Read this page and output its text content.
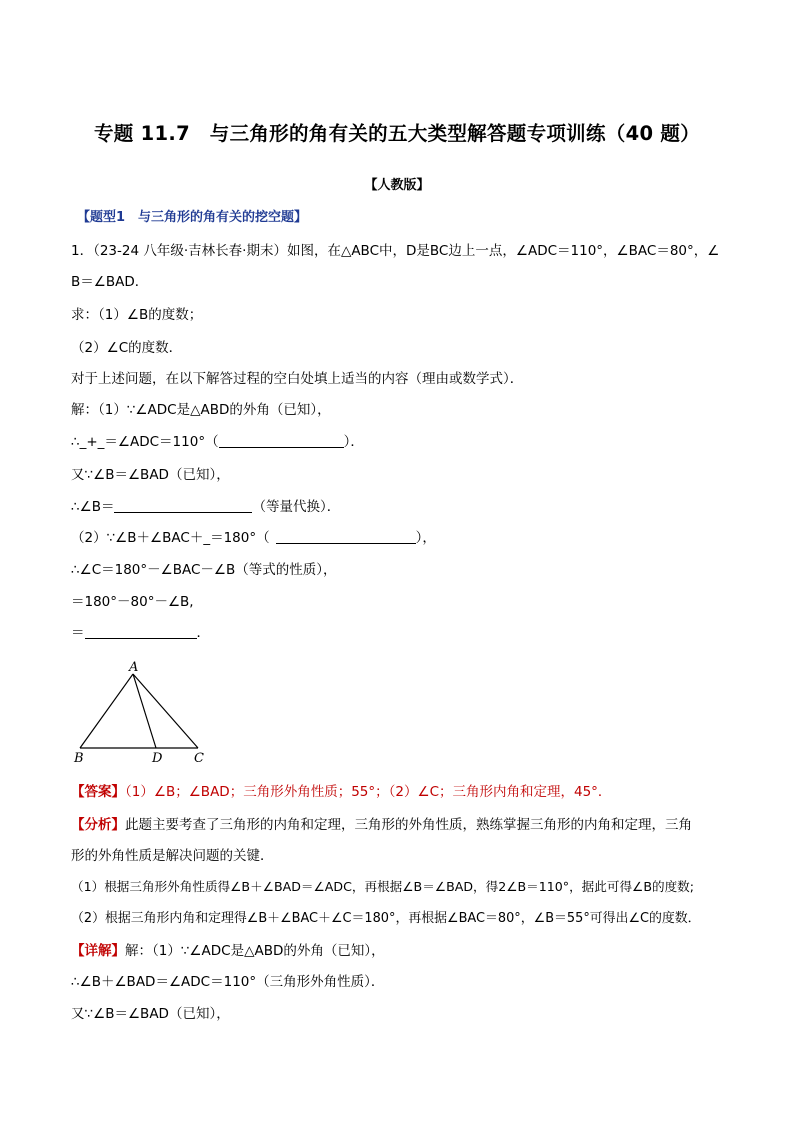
专题 11.7　与三角形的角有关的五大类型解答题专项训练（40 题）
【人教版】
【题型1　与三角形的角有关的挖空题】
1．（23-24 八年级·吉林长春·期末）如图，在△ABC中，D是BC边上一点，∠ADC＝110°，∠BAC＝80°，∠
B＝∠BAD．
求：（1）∠B的度数；
（2）∠C的度数．
对于上述问题，在以下解答过程的空白处填上适当的内容（理由或数学式）．
解：（1）∵∠ADC是△ABD的外角（已知），
∴_+_＝∠ADC＝110°（	）．
又∵∠B＝∠BAD（已知），
∴∠B＝	（等量代换）．
（2）∵∠B＋∠BAC＋_＝180°（	），
∴∠C＝180°－∠BAC－∠B（等式的性质），
＝180°－80°－∠B,
＝	．
A
B	D C
【答案】（1）∠B；∠BAD；三角形外角性质；55°；（2）∠C；三角形内角和定理，45°．
【分析】此题主要考查了三角形的内角和定理，三角形的外角性质，熟练掌握三角形的内角和定理，三角
形的外角性质是解决问题的关键．
（1）根据三角形外角性质得∠B＋∠BAD＝∠ADC，再根据∠B＝∠BAD，得2∠B＝110°，据此可得∠B的度数;
（2）根据三角形内角和定理得∠B＋∠BAC＋∠C＝180°，再根据∠BAC＝80°，∠B＝55°可得出∠C的度数．
【详解】解：（1）∵∠ADC是△ABD的外角（已知），
∴∠B＋∠BAD＝∠ADC＝110°（三角形外角性质）．
又∵∠B＝∠BAD（已知），
